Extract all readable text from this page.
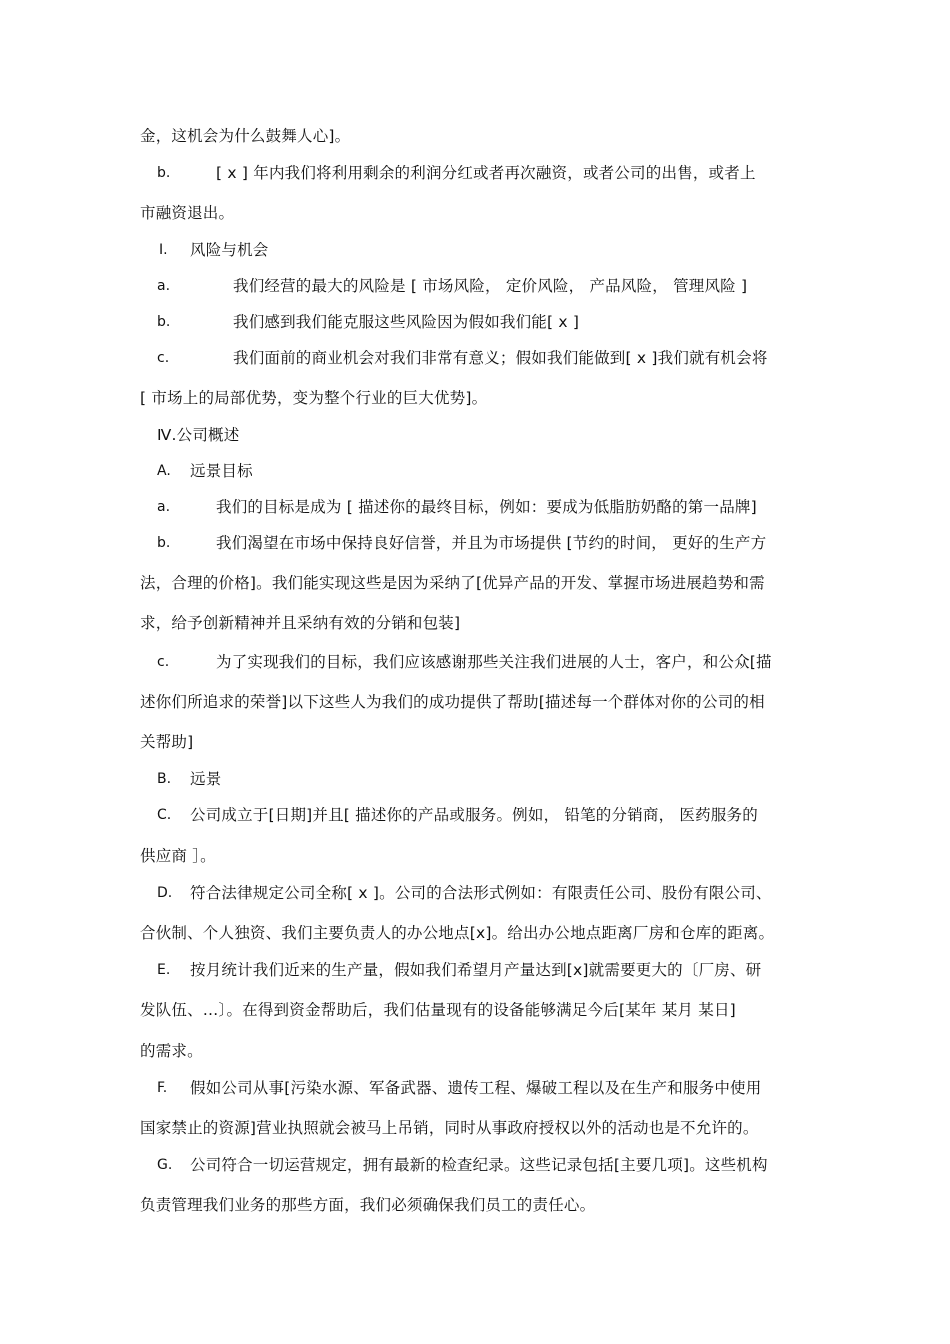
金，这机会为什么鼓舞人心]。
b.	[ x ] 年内我们将利用剩余的利润分红或者再次融资，或者公司的出售，或者上
市融资退出。
I. 风险与机会
a.	我们经营的最大的风险是 [ 市场风险， 定价风险， 产品风险， 管理风险 ]
b.	我们感到我们能克服这些风险因为假如我们能[ x ]
c.	我们面前的商业机会对我们非常有意义；假如我们能做到[ x ]我们就有机会将
[ 市场上的局部优势，变为整个行业的巨大优势]。
Ⅳ.公司概述
A. 远景目标
a.	我们的目标是成为 [ 描述你的最终目标，例如：要成为低脂肪奶酪的第一品牌]
b.	我们渴望在市场中保持良好信誉，并且为市场提供 [节约的时间， 更好的生产方
法，合理的价格]。我们能实现这些是因为采纳了[优异产品的开发、掌握市场进展趋势和需
求，给予创新精神并且采纳有效的分销和包装]
c.	为了实现我们的目标，我们应该感谢那些关注我们进展的人士，客户，和公众[描
述你们所追求的荣誉]以下这些人为我们的成功提供了帮助[描述每一个群体对你的公司的相
关帮助]
B. 远景
C. 公司成立于[日期]并且[ 描述你的产品或服务。例如， 铅笔的分销商， 医药服务的
供应商 ］。
D. 符合法律规定公司全称[ x ]。公司的合法形式例如：有限责任公司、股份有限公司、
合伙制、个人独资、我们主要负责人的办公地点[x]。给出办公地点距离厂房和仓库的距离。
E. 按月统计我们近来的生产量，假如我们希望月产量达到[x]就需要更大的〔厂房、研
发队伍、…〕。在得到资金帮助后，我们估量现有的设备能够满足今后[某年 某月 某日]
的需求。
F. 假如公司从事[污染水源、军备武器、遗传工程、爆破工程以及在生产和服务中使用
国家禁止的资源]营业执照就会被马上吊销，同时从事政府授权以外的活动也是不允许的。
G. 公司符合一切运营规定，拥有最新的检查纪录。这些记录包括[主要几项]。这些机构
负责管理我们业务的那些方面，我们必须确保我们员工的责任心。
